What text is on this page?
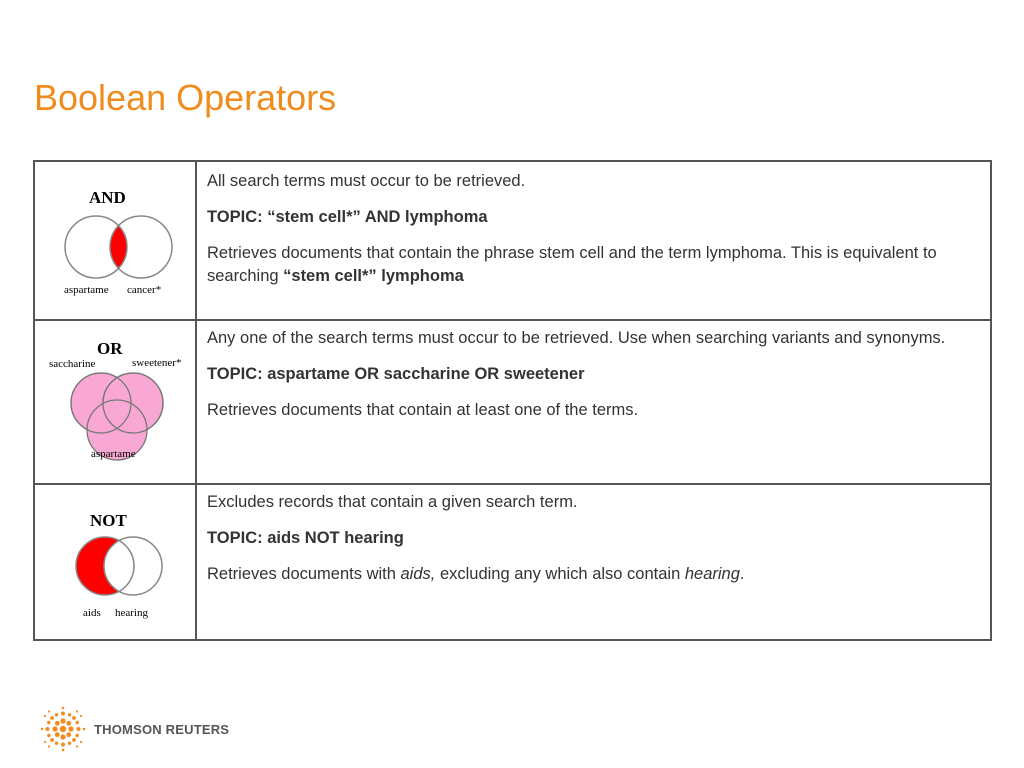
Boolean Operators
AND
aspartame cancer*

All search terms must occur to be retrieved.

TOPIC: “stem cell*” AND lymphoma

Retrieves documents that contain the phrase stem cell and the term lymphoma. This is equivalent to searching “stem cell*” lymphoma

OR
saccharine	sweetener*
aspartame

Any one of the search terms must occur to be retrieved. Use when searching variants and synonyms.

TOPIC: aspartame OR saccharine OR sweetener

Retrieves documents that contain at least one of the terms.

NOT
aids hearing

Excludes records that contain a given search term.

TOPIC: aids NOT hearing

Retrieves documents with aids, excluding any which also contain hearing.

THOMSON REUTERS
